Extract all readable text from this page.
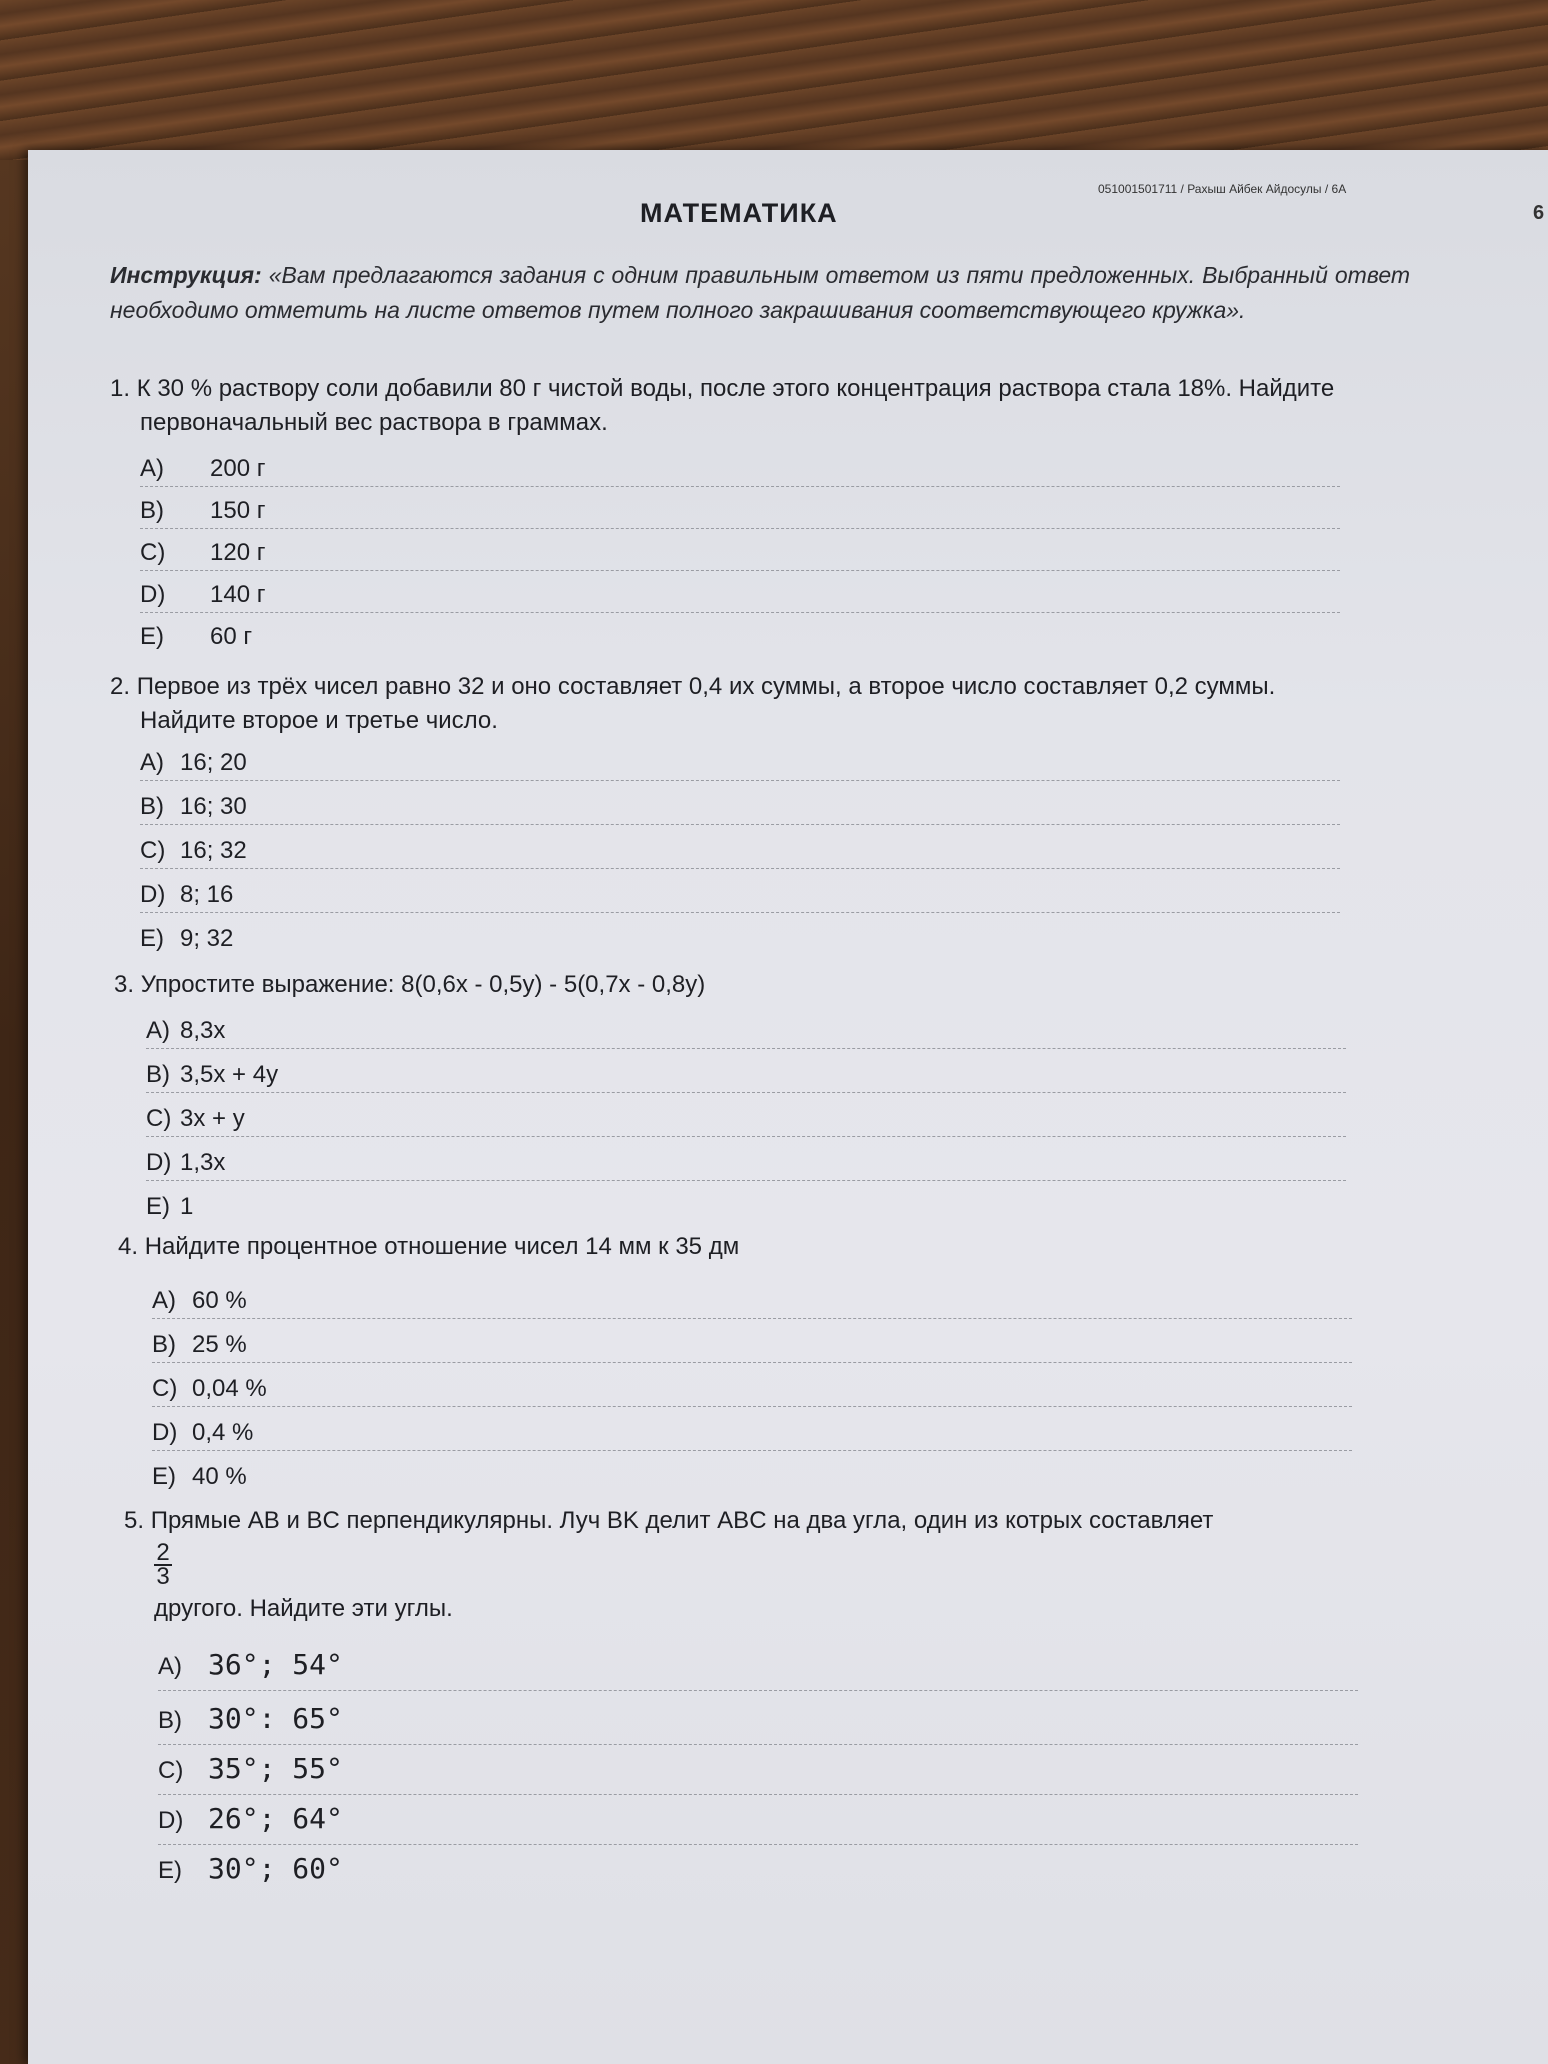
051001501711 / Рахыш Айбек Айдосулы / 6А
6
МАТЕМАТИКА
Инструкция: «Вам предлагаются задания с одним правильным ответом из пяти предложенных. Выбранный ответ необходимо отметить на листе ответов путем полного закрашивания соответствующего кружка».
1. К 30 % раствору соли добавили 80 г чистой воды, после этого концентрация раствора стала 18%. Найдите первоначальный вес раствора в граммах.
A) 200 г
B) 150 г
C) 120 г
D) 140 г
E) 60 г
2. Первое из трёх чисел равно 32 и оно составляет 0,4 их суммы, а второе число составляет 0,2 суммы. Найдите второе и третье число.
A) 16; 20
B) 16; 30
C) 16; 32
D) 8; 16
E) 9; 32
3. Упростите выражение: 8(0,6x - 0,5y) - 5(0,7x - 0,8y)
A) 8,3x
B) 3,5x + 4y
C) 3x + y
D) 1,3x
E) 1
4. Найдите процентное отношение чисел 14 мм к 35 дм
A) 60 %
B) 25 %
C) 0,04 %
D) 0,4 %
E) 40 %
5. Прямые AB и BC перпендикулярны. Луч BK делит ABC на два угла, один из котрых составляет
2
3
другого. Найдите эти углы.
A) 36°; 54°
B) 30°: 65°
C) 35°; 55°
D) 26°; 64°
E) 30°; 60°
